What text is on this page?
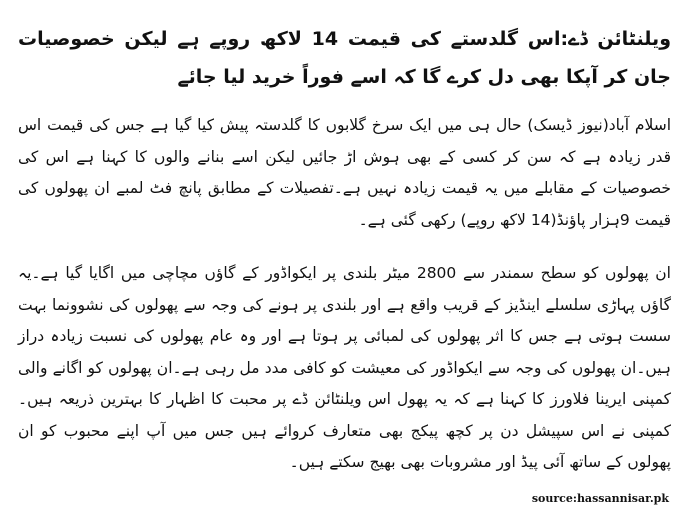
ویلنٹائن ڈے:اس گلدستے کی قیمت 14 لاکھ روپے ہے لیکن خصوصیات جان کر آپکا بھی دل کرے گا کہ اسے فوراً خرید لیا جائے
اسلام آباد(نیوز ڈیسک) حال ہی میں ایک سرخ گلابوں کا گلدستہ پیش کیا گیا ہے جس کی قیمت اس قدر زیادہ ہے کہ سن کر کسی کے بھی ہوش اڑ جائیں لیکن اسے بنانے والوں کا کہنا ہے اس کی خصوصیات کے مقابلے میں یہ قیمت زیادہ نہیں ہے۔تفصیلات کے مطابق پانچ فٹ لمبے ان پھولوں کی قیمت 9ہزار پاؤنڈ(14 لاکھ روپے) رکھی گئی ہے۔
ان پھولوں کو سطح سمندر سے 2800 میٹر بلندی پر ایکواڈور کے گاؤں مچاچی میں اگایا گیا ہے۔یہ گاؤں پہاڑی سلسلے اینڈیز کے قریب واقع ہے اور بلندی پر ہونے کی وجہ سے پھولوں کی نشوونما بہت سست ہوتی ہے جس کا اثر پھولوں کی لمبائی پر ہوتا ہے اور وہ عام پھولوں کی نسبت زیادہ دراز ہیں۔ان پھولوں کی وجہ سے ایکواڈور کی معیشت کو کافی مدد مل رہی ہے۔ان پھولوں کو اگانے والی کمپنی ایرینا فلاورز کا کہنا ہے کہ یہ پھول اس ویلنٹائن ڈے پر محبت کا اظہار کا بہترین ذریعہ ہیں۔کمپنی نے اس سپیشل دن پر کچھ پیکج بھی متعارف کروائے ہیں جس میں آپ اپنے محبوب کو ان پھولوں کے ساتھ آئی پیڈ اور مشروبات بھی بھیج سکتے ہیں۔
source:hassannisar.pk
